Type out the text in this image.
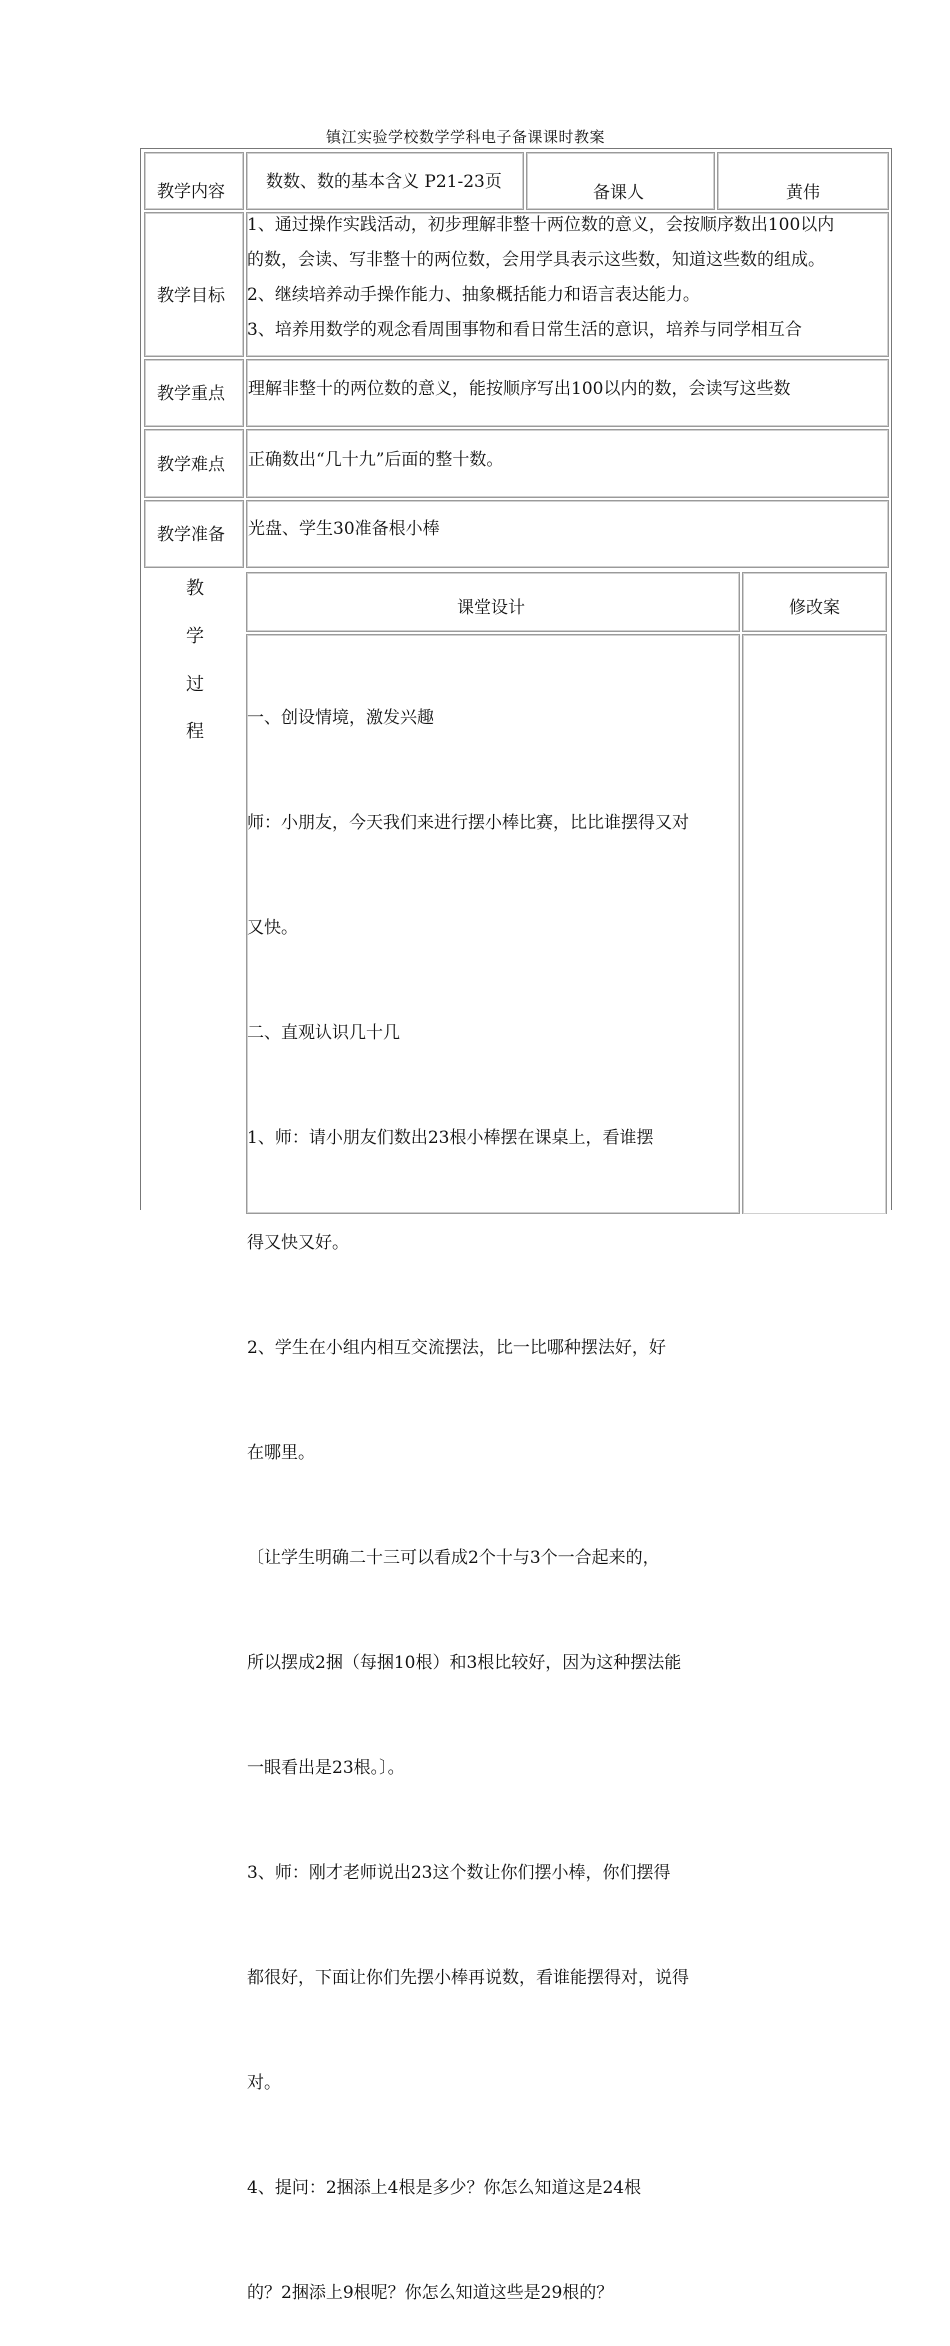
镇江实验学校数学学科电子备课课时教案
教学内容 数数、数的基本含义 P21-23页
备课人	黄伟
教学目标
1、通过操作实践活动，初步理解非整十两位数的意义，会按顺序数出100以内
的数，会读、写非整十的两位数，会用学具表示这些数，知道这些数的组成。
2、继续培养动手操作能力、抽象概括能力和语言表达能力。
3、培养用数学的观念看周围事物和看日常生活的意识，培养与同学相互合
教学重点 理解非整十的两位数的意义，能按顺序写出100以内的数，会读写这些数
教学难点 正确数出“几十九”后面的整十数。
教学准备 光盘、学生30准备根小棒
教
学
过
程
课堂设计	修改案

一、创设情境，激发兴趣

师：小朋友，今天我们来进行摆小棒比赛，比比谁摆得又对

又快。

二、直观认识几十几

1、师：请小朋友们数出23根小棒摆在课桌上，看谁摆

得又快又好。

2、学生在小组内相互交流摆法，比一比哪种摆法好，好

在哪里。

〔让学生明确二十三可以看成2个十与3个一合起来的，

所以摆成2捆（每捆10根）和3根比较好，因为这种摆法能

一眼看出是23根。〕。

3、师：刚才老师说出23这个数让你们摆小棒，你们摆得

都很好，下面让你们先摆小棒再说数，看谁能摆得对，说得

对。

4、提问：2捆添上4根是多少？你怎么知道这是24根

的？2捆添上9根呢？你怎么知道这些是29根的？
